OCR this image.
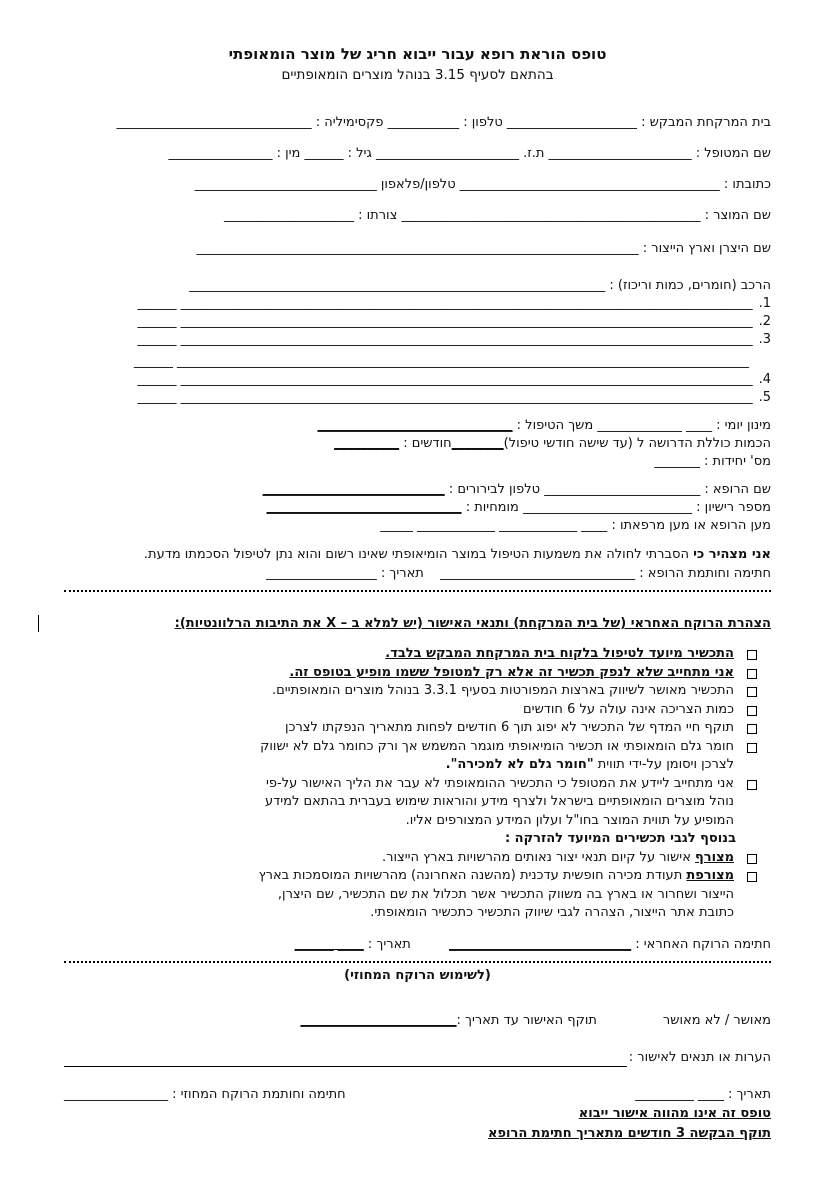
טופס הוראת רופא עבור ייבוא חריג של מוצר הומאופתי
בהתאם לסעיף 3.15 בנוהל מוצרים הומאופתיים
בית המרקחת המבקש : ____________________ טלפון : ___________ פקסימיליה : ______________________________
שם המטופל : ______________________ ת.ז. ______________________ גיל : ______ מין : ________________
כתובתו : ________________________________________ טלפון/פלאפון ____________________________
שם המוצר : ______________________________________________ צורתו : ____________________
שם היצרן וארץ הייצור : ____________________________________________________________________
הרכב (חומרים, כמות וריכוז) : ________________________________________________________________
1.
________________________________________________________________________________________ ______
2.
________________________________________________________________________________________ ______
3.
________________________________________________________________________________________ ______
________________________________________________________________________________________ ______
4.
________________________________________________________________________________________ ______
5.
________________________________________________________________________________________ ______
מינון יומי : ____ _____________ משך הטיפול : ______________________________
הכמות כוללת הדרושה ל (עד שישה חודשי טיפול)________חודשים : __________
מס' יחידות : _______
שם הרופא : ________________________ טלפון לבירורים : ____________________________
מספר רישיון : __________________________ מומחיות : ______________________________
מען הרופא או מען מרפאתו : ____ ____________ ____________ _____
אני מצהיר כי הסברתי לחולה את משמעות הטיפול במוצר הומיאופתי שאינו רשום והוא נתן לטיפול הסכמתו מדעת.
חתימה וחותמת הרופא : ______________________________  תאריך : _________________
הצהרת הרוקח האחראי (של בית המרקחת) ותנאי האישור (יש למלא ב – X את התיבות הרלוונטיות):
התכשיר מיועד לטיפול בלקוח בית המרקחת המבקש בלבד.
אני מתחייב שלא לנפק תכשיר זה אלא רק למטופל ששמו מופיע בטופס זה.
התכשיר מאושר לשיווק בארצות המפורטות בסעיף 3.3.1 בנוהל מוצרים הומאופתיים.
כמות הצריכה אינה עולה על 6 חודשים
תוקף חיי המדף של התכשיר לא יפוג תוך 6 חודשים לפחות מתאריך הנפקתו לצרכן
חומר גלם הומאופתי או תכשיר הומיאופתי מוגמר המשמש אך ורק כחומר גלם לא ישווק לצרכן ויסומן על-ידי תווית "חומר גלם לא למכירה".
אני מתחייב ליידע את המטופל כי התכשיר ההומאופתי לא עבר את הליך האישור על-פי נוהל מוצרים הומאופתיים בישראל ולצרף מידע והוראות שימוש בעברית בהתאם למידע המופיע על תווית המוצר בחו"ל ועלון המידע המצורפים אליו.
בנוסף לגבי תכשירים המיועד להזרקה :
מצורף אישור על קיום תנאי יצור נאותים מהרשויות בארץ הייצור.
מצורפת תעודת מכירה חופשית עדכנית (מהשנה האחרונה) מהרשויות המוסמכות בארץ הייצור ושחרור או בארץ בה משווק התכשיר אשר תכלול את שם התכשיר, שם היצרן, כתובת אתר הייצור, הצהרה לגבי שיווק התכשיר כתכשיר הומאופתי.
חתימה הרוקח האחראי : ____________________________  תאריך : ____ ______
(לשימוש הרוקח המחוזי)
מאושר / לא מאושר
תוקף האישור עד תאריך :
________________________
הערות או תנאים לאישור :
תאריך : ____ _________
חתימה וחותמת הרוקח המחוזי : ________________
טופס זה אינו מהווה אישור ייבוא
תוקף הבקשה 3 חודשים מתאריך חתימת הרופא
